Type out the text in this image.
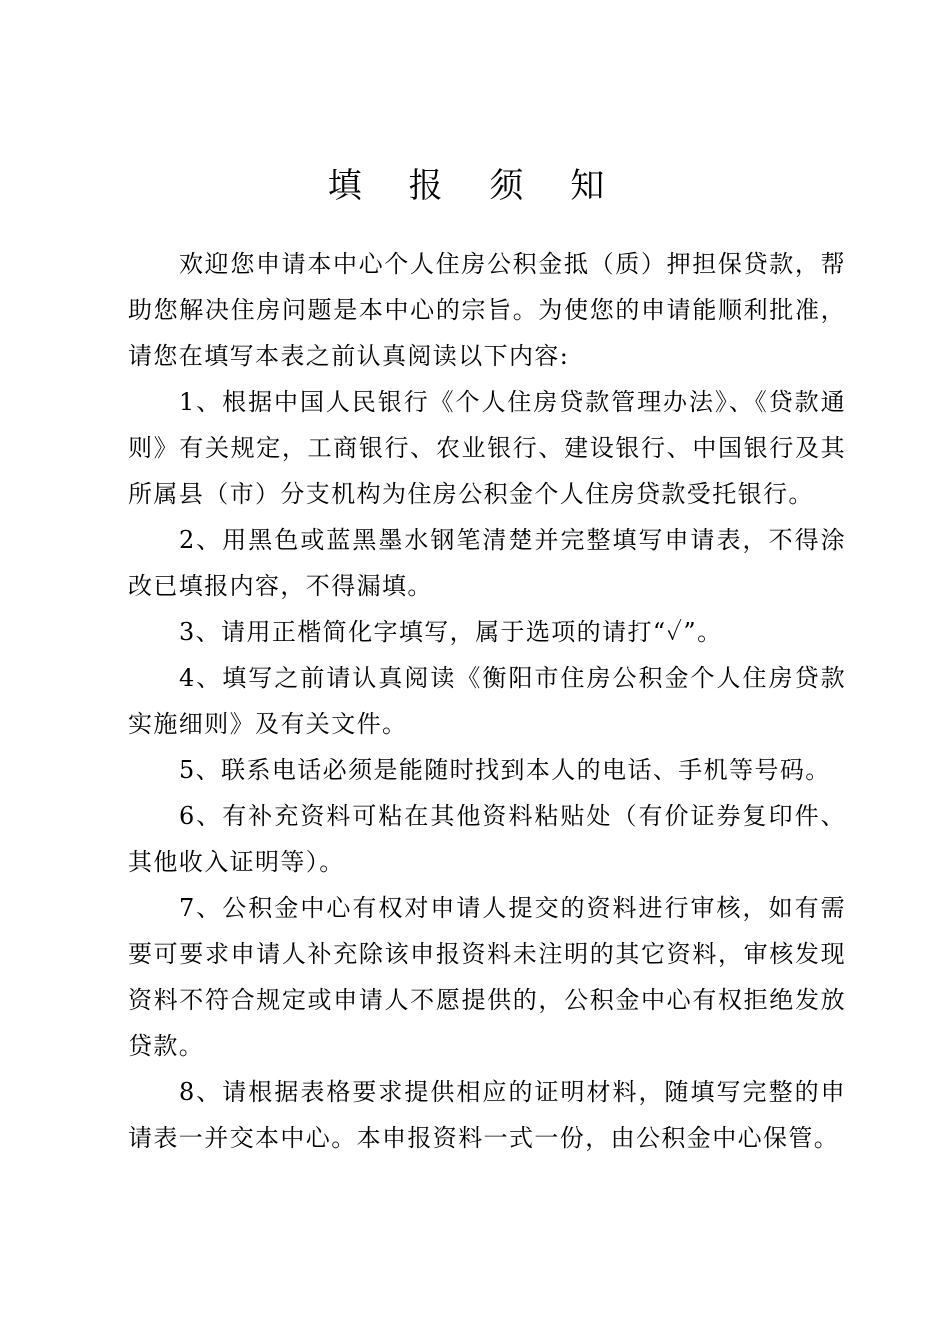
填 报 须 知

欢迎您申请本中心个人住房公积金抵（质）押担保贷款，帮助您解决住房问题是本中心的宗旨。为使您的申请能顺利批准，请您在填写本表之前认真阅读以下内容:

1、根据中国人民银行《个人住房贷款管理办法》、《贷款通则》有关规定，工商银行、农业银行、建设银行、中国银行及其所属县（市）分支机构为住房公积金个人住房贷款受托银行。

2、用黑色或蓝黑墨水钢笔清楚并完整填写申请表，不得涂改已填报内容，不得漏填。

3、请用正楷简化字填写，属于选项的请打“✓”。

4、填写之前请认真阅读《衡阳市住房公积金个人住房贷款实施细则》及有关文件。

5、联系电话必须是能随时找到本人的电话、手机等号码。

6、有补充资料可粘在其他资料粘贴处（有价证券复印件、其他收入证明等）。

7、公积金中心有权对申请人提交的资料进行审核，如有需要可要求申请人补充除该申报资料未注明的其它资料，审核发现资料不符合规定或申请人不愿提供的，公积金中心有权拒绝发放贷款。

8、请根据表格要求提供相应的证明材料，随填写完整的申请表一并交本中心。本申报资料一式一份，由公积金中心保管。
